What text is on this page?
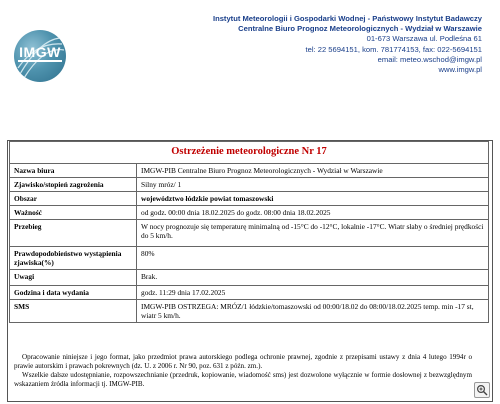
IMGW
Instytut Meteorologii i Gospodarki Wodnej - Państwowy Instytut Badawczy
Centralne Biuro Prognoz Meteorologicznych - Wydział w Warszawie
01-673 Warszawa ul. Podleśna 61
tel: 22 5694151, kom. 781774153, fax: 022-5694151
email: meteo.wschod@imgw.pl
www.imgw.pl
Ostrzeżenie meteorologiczne Nr 17	
Nazwa biura	IMGW-PIB Centralne Biuro Prognoz Meteorologicznych - Wydział w Warszawie
Zjawisko/stopień zagrożenia	Silny mróz/ 1
Obszar	województwo łódzkie powiat tomaszowski
Ważność	od godz. 00:00 dnia 18.02.2025 do godz. 08:00 dnia 18.02.2025
Przebieg	W nocy prognozuje się temperaturę minimalną od -15°C do -12°C, lokalnie -17°C. Wiatr słaby o średniej prędkości do 5 km/h.
Prawdopodobieństwo wystąpienia zjawiska(%)	80%
Uwagi	Brak.
Godzina i data wydania	godz. 11:29 dnia 17.02.2025
SMS	IMGW-PIB OSTRZEGA: MRÓZ/1 łódzkie/tomaszowski od 00:00/18.02 do 08:00/18.02.2025 temp. min -17 st, wiatr 5 km/h.

Opracowanie niniejsze i jego format, jako przedmiot prawa autorskiego podlega ochronie prawnej, zgodnie z przepisami ustawy z dnia 4 lutego 1994r o prawie autorskim i prawach pokrewnych (dz. U. z 2006 r. Nr 90, poz. 631 z późn. zm.).

Wszelkie dalsze udostępnianie, rozpowszechnianie (przedruk, kopiowanie, wiadomość sms) jest dozwolone wyłącznie w formie dosłownej z bezwzględnym wskazaniem źródła informacji tj. IMGW-PIB.
